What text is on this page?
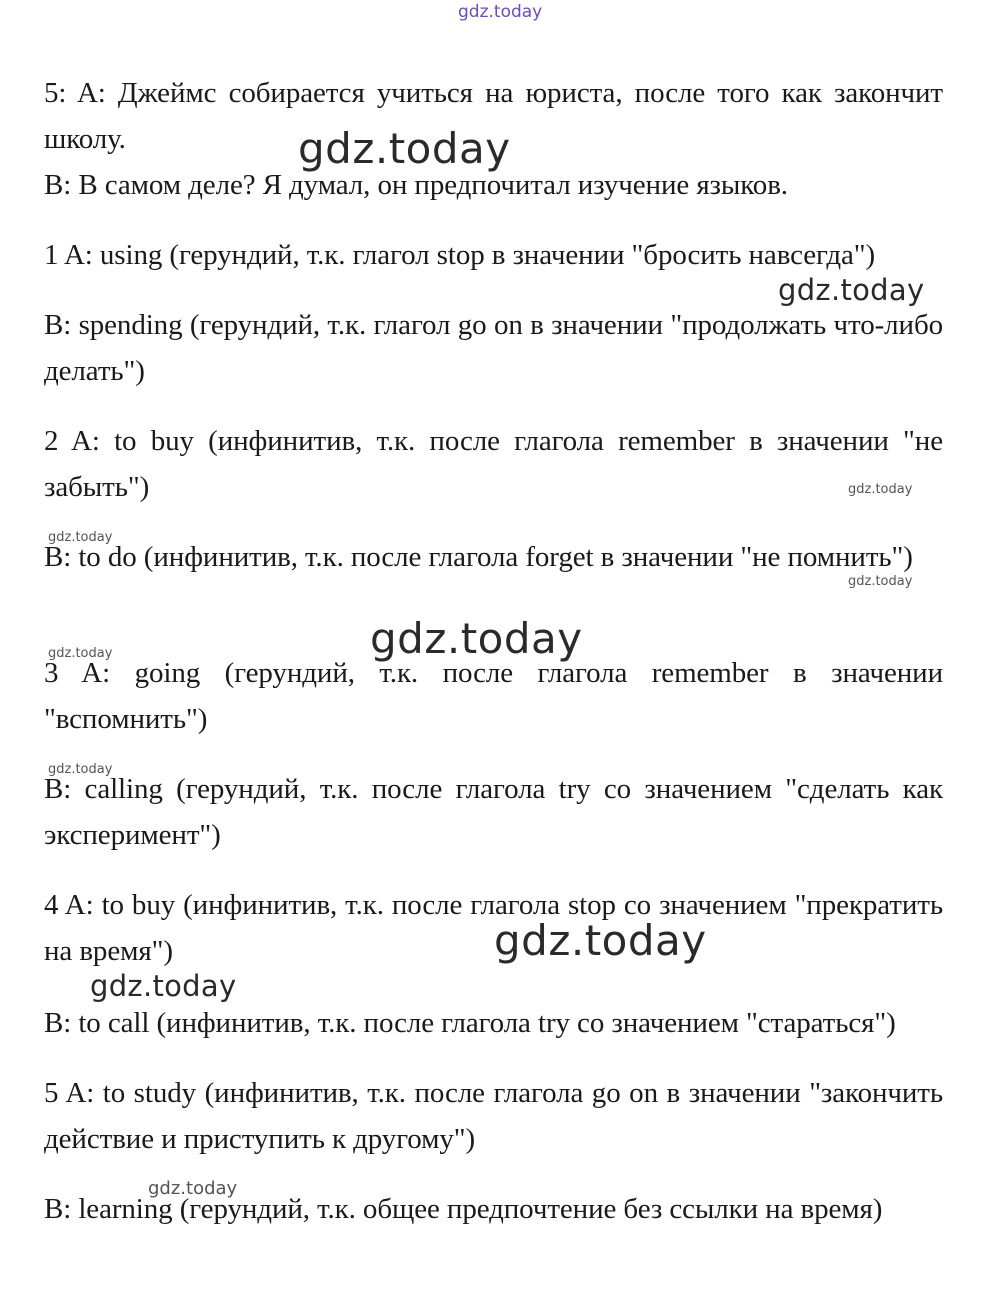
gdz.today

5: A: Джеймс собирается учиться на юриста, после того как закончит школу.

B: В самом деле? Я думал, он предпочитал изучение языков.

1 A: using (герундий, т.к. глагол stop в значении "бросить навсегда")

B: spending (герундий, т.к. глагол go on в значении "продолжать что-либо делать")

2 A: to buy (инфинитив, т.к. после глагола remember в значении "не забыть")

B: to do (инфинитив, т.к. после глагола forget в значении "не помнить")

3 A: going (герундий, т.к. после глагола remember в значении "вспомнить")

B: calling (герундий, т.к. после глагола try со значением "сделать как эксперимент")

4 A: to buy (инфинитив, т.к. после глагола stop со значением "прекратить на время")

B: to call (инфинитив, т.к. после глагола try со значением "стараться")

5 A: to study (инфинитив, т.к. после глагола go on в значении "закончить действие и приступить к другому")

B: learning (герундий, т.к. общее предпочтение без ссылки на время)

gdz.today
gdz.today
gdz.today
gdz.today
gdz.today
gdz.today
gdz.today
gdz.today
gdz.today
gdz.today
gdz.today
